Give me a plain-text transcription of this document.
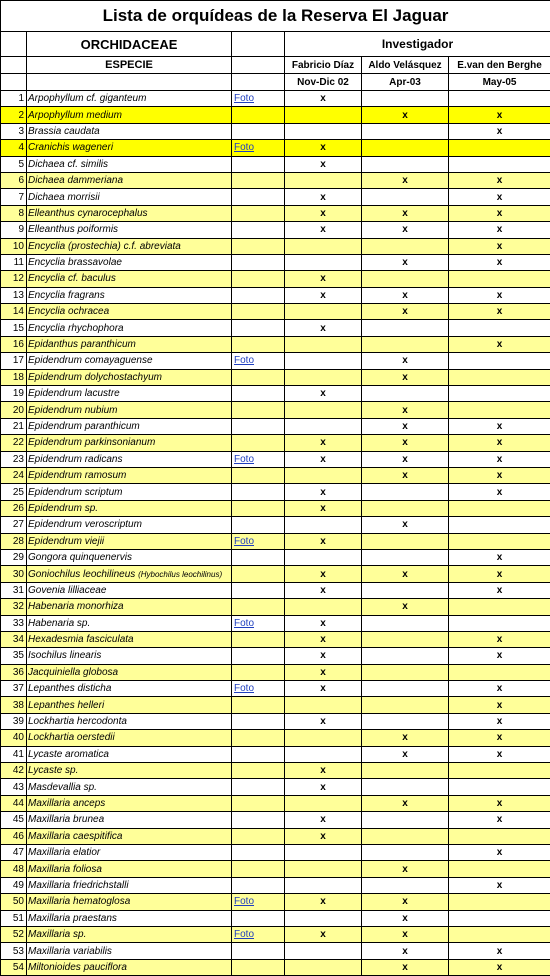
Lista de orquídeas de la Reserva El Jaguar					
	ORCHIDACEAE		Investigador		
	ESPECIE		Fabricio Díaz	Aldo Velásquez	E.van den Berghe
			Nov-Dic 02	Apr-03	May-05
1	Arpophyllum cf. giganteum	Foto	x		
2	Arpophyllum medium			x	x
3	Brassia caudata				x
4	Cranichis wageneri	Foto	x		
5	Dichaea cf. similis		x		
6	Dichaea dammeriana			x	x
7	Dichaea morrisii		x		x
8	Elleanthus cynarocephalus		x	x	x
9	Elleanthus poiformis		x	x	x
10	Encyclia (prostechia) c.f. abreviata				x
11	Encyclia brassavolae			x	x
12	Encyclia cf. baculus		x		
13	Encyclia fragrans		x	x	x
14	Encyclia ochracea			x	x
15	Encyclia rhychophora		x		
16	Epidanthus paranthicum				x
17	Epidendrum comayaguense	Foto		x	
18	Epidendrum dolychostachyum			x	
19	Epidendrum lacustre		x		
20	Epidendrum nubium			x	
21	Epidendrum paranthicum			x	x
22	Epidendrum parkinsonianum		x	x	x
23	Epidendrum radicans	Foto	x	x	x
24	Epidendrum ramosum			x	x
25	Epidendrum scriptum		x		x
26	Epidendrum sp.		x		
27	Epidendrum veroscriptum			x	
28	Epidendrum viejii	Foto	x		
29	Gongora quinquenervis				x
30	Goniochilus leochilineus (Hybochilus leochilinus)		x	x	x
31	Govenia lilliaceae		x		x
32	Habenaria monorhiza			x	
33	Habenaria sp.	Foto	x		
34	Hexadesmia fasciculata		x		x
35	Isochilus linearis		x		x
36	Jacquiniella globosa		x		
37	Lepanthes disticha	Foto	x		x
38	Lepanthes helleri				x
39	Lockhartia hercodonta		x		x
40	Lockhartia oerstedii			x	x
41	Lycaste aromatica			x	x
42	Lycaste sp.		x		
43	Masdevallia sp.		x		
44	Maxillaria anceps			x	x
45	Maxillaria brunea		x		x
46	Maxillaria caespitifica		x		
47	Maxillaria elatior				x
48	Maxillaria foliosa			x	
49	Maxillaria friedrichstalli				x
50	Maxillaria hematoglosa	Foto	x	x	
51	Maxillaria praestans			x	
52	Maxillaria sp.	Foto	x	x	
53	Maxillaria variabilis			x	x
54	Miltonioides pauciflora			x	x
